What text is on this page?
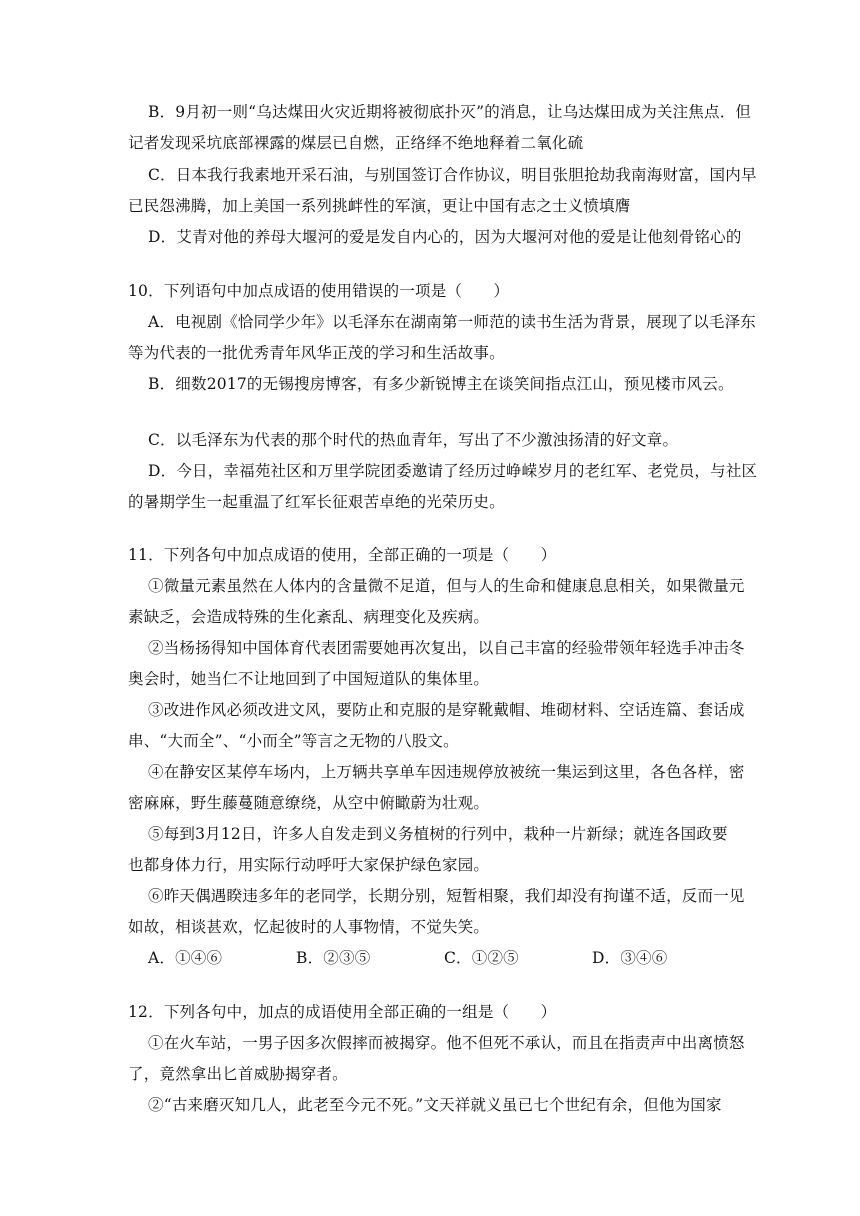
B．9月初一则“乌达煤田火灾近期将被彻底扑灭”的消息，让乌达煤田成为关注焦点．但
记者发现采坑底部裸露的煤层已自燃，正络绎不绝地释着二氧化硫
C．日本我行我素地开采石油，与别国签订合作协议，明目张胆抢劫我南海财富，国内早
已民怨沸腾，加上美国一系列挑衅性的军演，更让中国有志之士义愤填膺
D．艾青对他的养母大堰河的爱是发自内心的，因为大堰河对他的爱是让他刻骨铭心的
10．下列语句中加点成语的使用错误的一项是（　　）
A．电视剧《恰同学少年》以毛泽东在湖南第一师范的读书生活为背景，展现了以毛泽东
等为代表的一批优秀青年风华正茂的学习和生活故事。
B．细数2017的无锡搜房博客，有多少新锐博主在谈笑间指点江山，预见楼市风云。
C．以毛泽东为代表的那个时代的热血青年，写出了不少激浊扬清的好文章。
D．今日，幸福苑社区和万里学院团委邀请了经历过峥嵘岁月的老红军、老党员，与社区
的暑期学生一起重温了红军长征艰苦卓绝的光荣历史。
11．下列各句中加点成语的使用，全部正确的一项是（　　）
①微量元素虽然在人体内的含量微不足道，但与人的生命和健康息息相关，如果微量元
素缺乏，会造成特殊的生化紊乱、病理变化及疾病。
②当杨扬得知中国体育代表团需要她再次复出，以自己丰富的经验带领年轻选手冲击冬
奥会时，她当仁不让地回到了中国短道队的集体里。
③改进作风必须改进文风，要防止和克服的是穿靴戴帽、堆砌材料、空话连篇、套话成
串、“大而全”、“小而全”等言之无物的八股文。
④在静安区某停车场内，上万辆共享单车因违规停放被统一集运到这里，各色各样，密
密麻麻，野生藤蔓随意缭绕，从空中俯瞰蔚为壮观。
⑤每到3月12日，许多人自发走到义务植树的行列中，栽种一片新绿；就连各国政要
也都身体力行，用实际行动呼吁大家保护绿色家园。
⑥昨天偶遇睽违多年的老同学，长期分别，短暂相聚，我们却没有拘谨不适，反而一见
如故，相谈甚欢，忆起彼时的人事物情，不觉失笑。
A．①④⑥	B．②③⑤	C．①②⑤	D．③④⑥
12．下列各句中，加点的成语使用全部正确的一组是（　　）
①在火车站，一男子因多次假摔而被揭穿。他不但死不承认，而且在指责声中出离愤怒
了，竟然拿出匕首威胁揭穿者。
②“古来磨灭知几人，此老至今元不死。”文天祥就义虽已七个世纪有余，但他为国家
